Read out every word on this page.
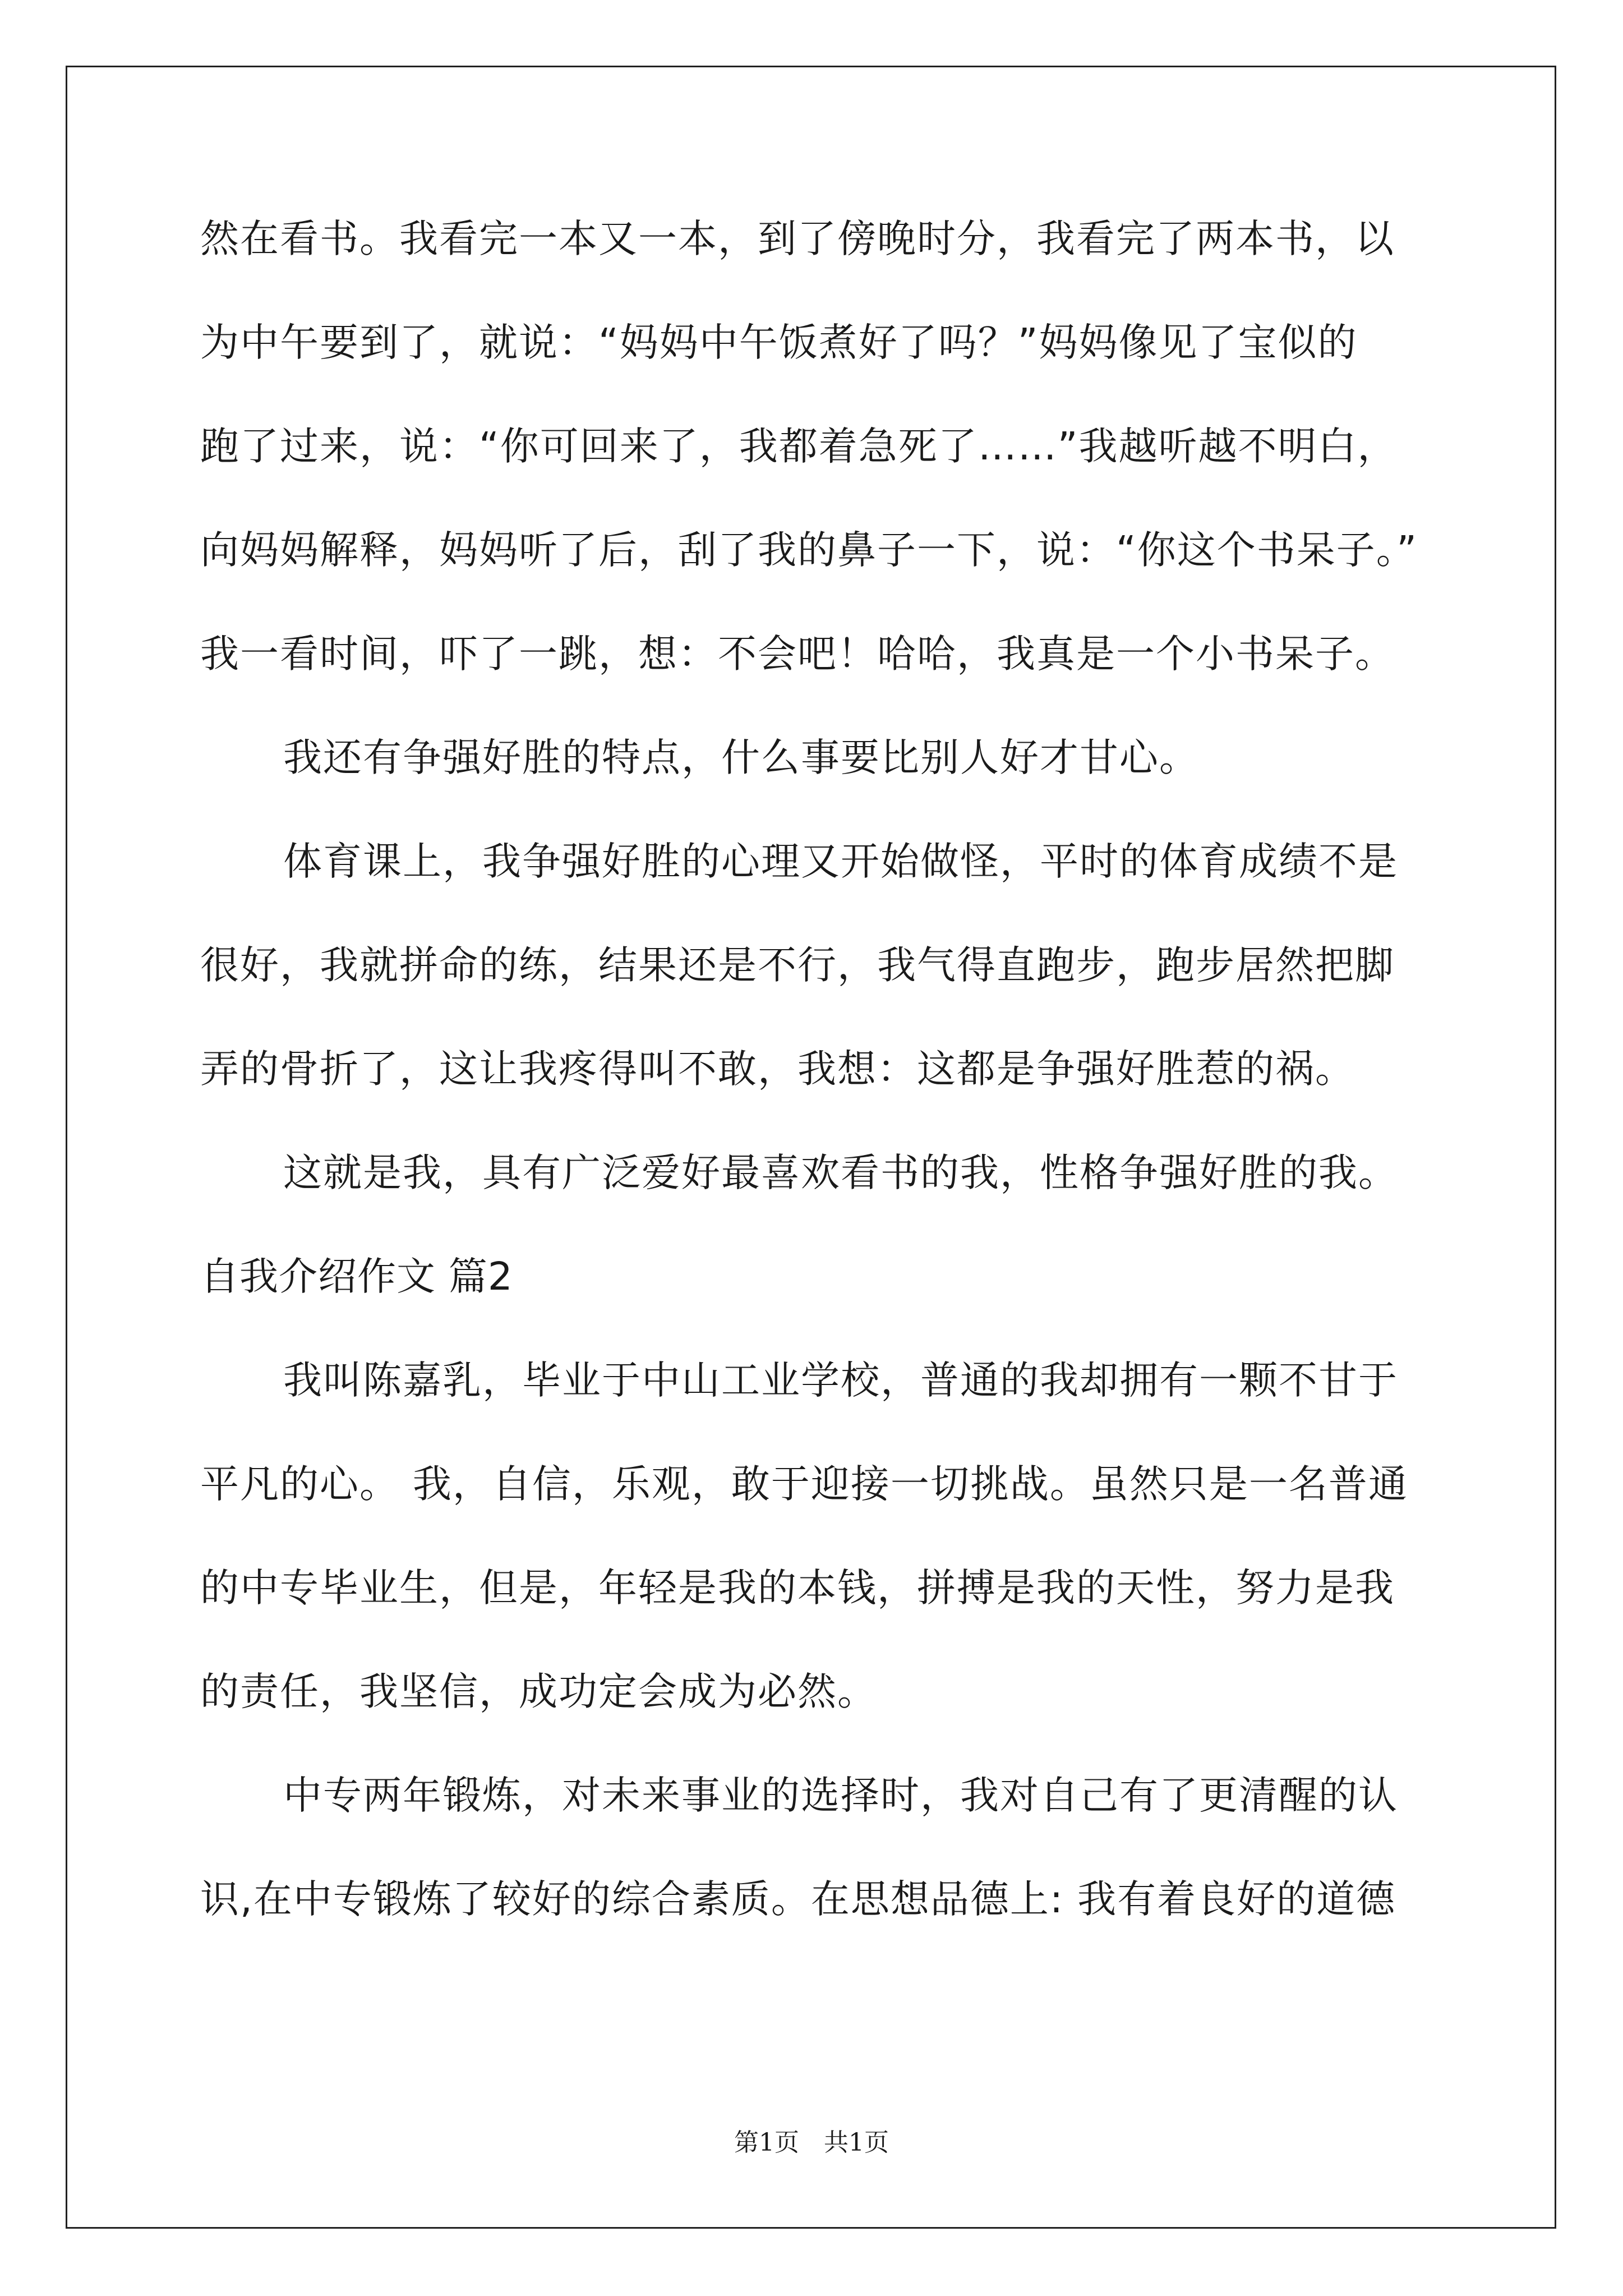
然在看书。我看完一本又一本，到了傍晚时分，我看完了两本书，以
为中午要到了，就说：“妈妈中午饭煮好了吗？”妈妈像见了宝似的
跑了过来，说：“你可回来了，我都着急死了……”我越听越不明白，
向妈妈解释，妈妈听了后，刮了我的鼻子一下，说：“你这个书呆子。”
我一看时间，吓了一跳，想：不会吧！哈哈，我真是一个小书呆子。
我还有争强好胜的特点，什么事要比别人好才甘心。
体育课上，我争强好胜的心理又开始做怪，平时的体育成绩不是
很好，我就拼命的练，结果还是不行，我气得直跑步，跑步居然把脚
弄的骨折了，这让我疼得叫不敢，我想：这都是争强好胜惹的祸。
这就是我，具有广泛爱好最喜欢看书的我，性格争强好胜的我。
自我介绍作文 篇2
我叫陈嘉乳，毕业于中山工业学校，普通的我却拥有一颗不甘于
平凡的心。 我，自信，乐观，敢于迎接一切挑战。虽然只是一名普通
的中专毕业生，但是，年轻是我的本钱，拼搏是我的天性，努力是我
的责任，我坚信，成功定会成为必然。
中专两年锻炼，对未来事业的选择时，我对自己有了更清醒的认
识,在中专锻炼了较好的综合素质。在思想品德上: 我有着良好的道德
第1页　共1页
